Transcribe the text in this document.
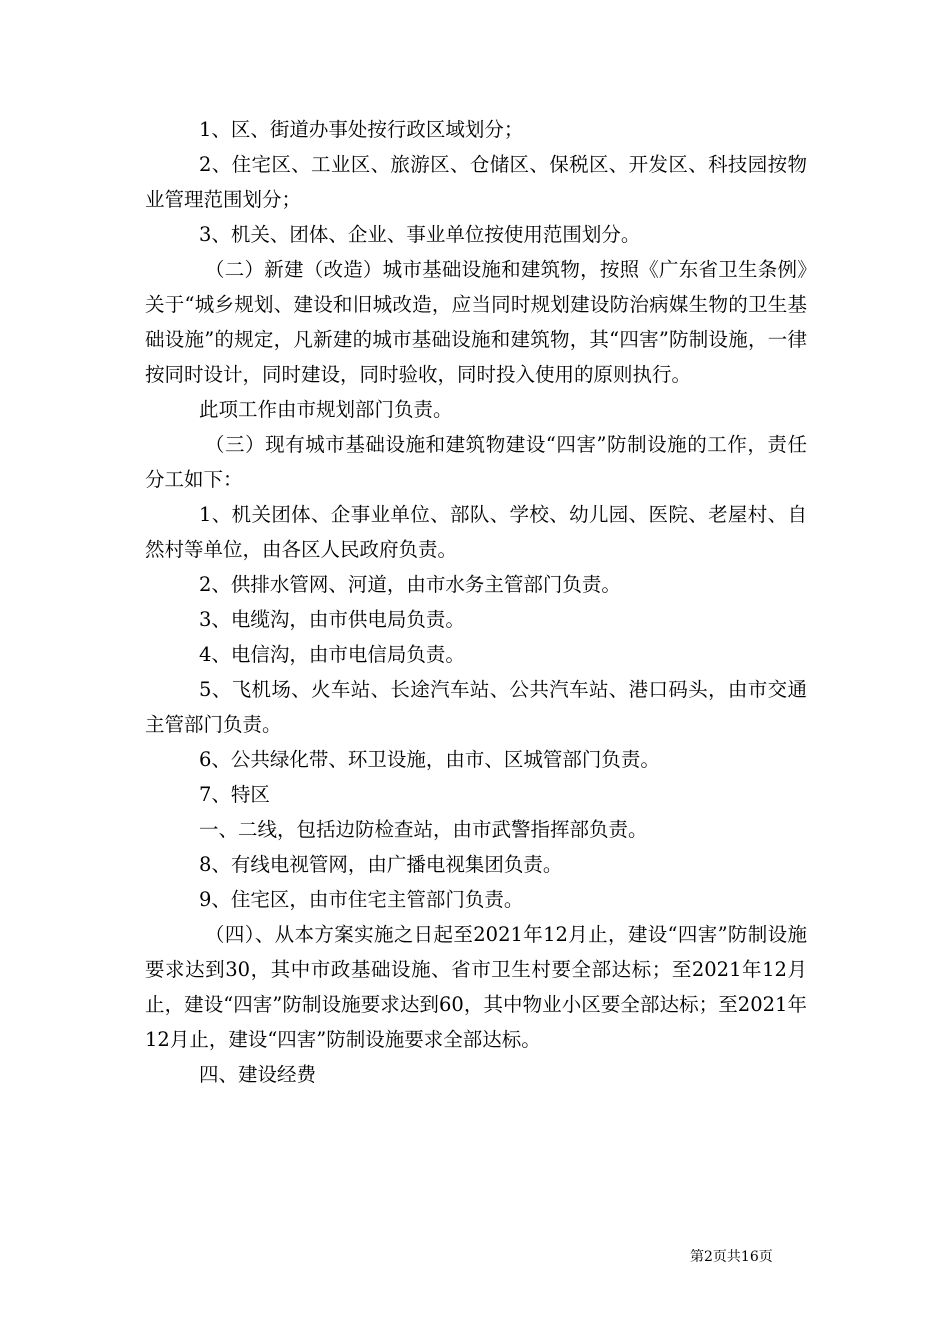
1、区、街道办事处按行政区域划分；

2、住宅区、工业区、旅游区、仓储区、保税区、开发区、科技园按物业管理范围划分；

3、机关、团体、企业、事业单位按使用范围划分。

（二）新建（改造）城市基础设施和建筑物，按照《广东省卫生条例》关于“城乡规划、建设和旧城改造，应当同时规划建设防治病媒生物的卫生基础设施”的规定，凡新建的城市基础设施和建筑物，其“四害”防制设施，一律按同时设计，同时建设，同时验收，同时投入使用的原则执行。

此项工作由市规划部门负责。

（三）现有城市基础设施和建筑物建设“四害”防制设施的工作，责任分工如下：

1、机关团体、企事业单位、部队、学校、幼儿园、医院、老屋村、自然村等单位，由各区人民政府负责。

2、供排水管网、河道，由市水务主管部门负责。

3、电缆沟，由市供电局负责。

4、电信沟，由市电信局负责。

5、飞机场、火车站、长途汽车站、公共汽车站、港口码头，由市交通主管部门负责。

6、公共绿化带、环卫设施，由市、区城管部门负责。

7、特区

一、二线，包括边防检查站，由市武警指挥部负责。

8、有线电视管网，由广播电视集团负责。

9、住宅区，由市住宅主管部门负责。

（四）、从本方案实施之日起至2021年12月止，建设“四害”防制设施要求达到30，其中市政基础设施、省市卫生村要全部达标；至2021年12月止，建设“四害”防制设施要求达到60，其中物业小区要全部达标；至2021年12月止，建设“四害”防制设施要求全部达标。

四、建设经费

第2页共16页
